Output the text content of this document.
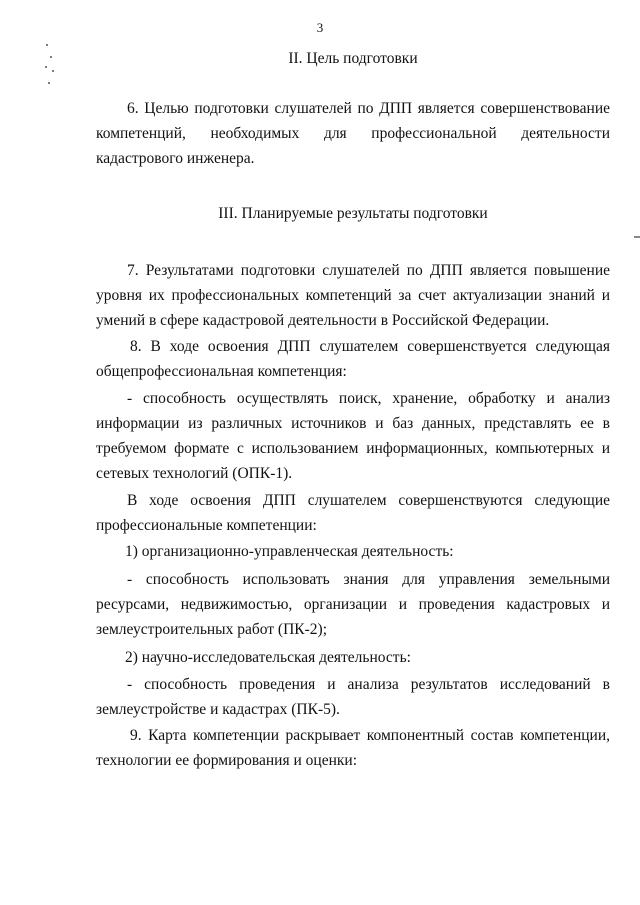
3
II. Цель подготовки

6. Целью подготовки слушателей по ДПП является совершенствование компетенций, необходимых для профессиональной деятельности кадастрового инженера.

III. Планируемые результаты подготовки

7. Результатами подготовки слушателей по ДПП является повышение уровня их профессиональных компетенций за счет актуализации знаний и умений в сфере кадастровой деятельности в Российской Федерации.

8. В ходе освоения ДПП слушателем совершенствуется следующая общепрофессиональная компетенция:

- способность осуществлять поиск, хранение, обработку и анализ информации из различных источников и баз данных, представлять ее в требуемом формате с использованием информационных, компьютерных и сетевых технологий (ОПК-1).

В ходе освоения ДПП слушателем совершенствуются следующие профессиональные компетенции:

1) организационно-управленческая деятельность:

- способность использовать знания для управления земельными ресурсами, недвижимостью, организации и проведения кадастровых и землеустроительных работ (ПК-2);

2) научно-исследовательская деятельность:

- способность проведения и анализа результатов исследований в землеустройстве и кадастрах (ПК-5).

9. Карта компетенции раскрывает компонентный состав компетенции, технологии ее формирования и оценки:
